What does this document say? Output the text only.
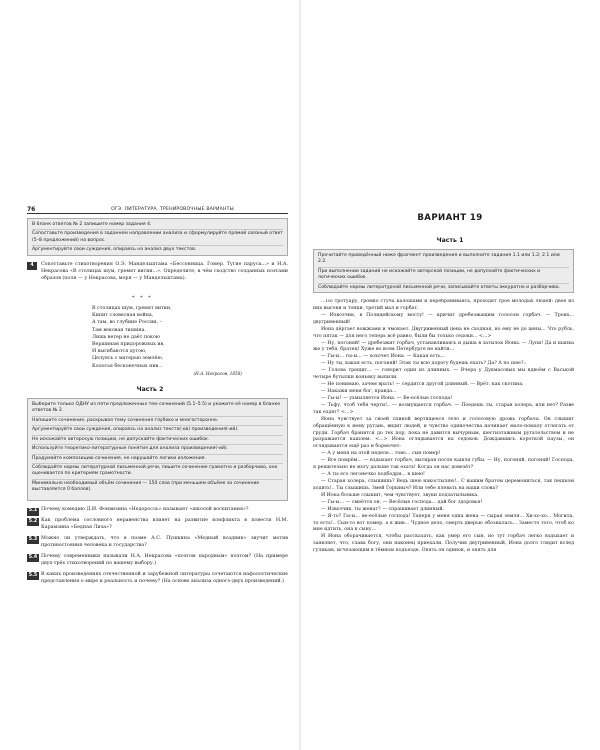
76	ОГЭ. ЛИТЕРАТУРА. ТРЕНИРОВОЧНЫЕ ВАРИАНТЫ

В бланк ответов № 2 запишите номер задания 4.

Сопоставьте произведения в заданном направлении анализа и сформулируйте прямой связный ответ (5–8 предложений) на вопрос.

Аргументируйте свои суждения, опираясь на анализ двух текстов.

4	Сопоставьте стихотворения О.Э. Мандельштама «Бессонница. Гомер. Тугие паруса...» и Н.А. Некрасова «В столицах шум, гремят витии...». Определите, в чём сходство созданных поэтами образов (поля — у Некрасова, моря — у Мандельштама).
* * *
В столицах шум, гремят витии,
Кипит словесная война,
А там, во глубине России, –
Там вековая тишина.
Лишь ветер не даёт покою
Вершинам придорожных ив,
И выгибаются дугою,
Целуясь с матерью землёю,
Колосья бесконечных нив...
(Н.А. Некрасов, 1858)
Часть 2

Выберите только ОДНУ из пяти предложенных тем сочинений (5.1–5.5) и укажите её номер в бланке ответов № 2.

Напишите сочинение, раскрывая тему сочинения глубоко и многосторонне.

Аргументируйте свои суждения, опираясь на анализ текста(-ов) произведения(-ий).

Не искажайте авторскую позицию, не допускайте фактических ошибок.

Используйте теоретико-литературные понятия для анализа произведения(-ий).

Продумайте композицию сочинения, не нарушайте логики изложения.

Соблюдайте нормы литературной письменной речи, пишите сочинение грамотно и разборчиво, оно оценивается по критериям грамотности.

Минимально необходимый объём сочинения — 150 слов (при меньшем объёме за сочинение выставляется 0 баллов).

5.1 Почему комедию Д.И. Фонвизина «Недоросль» называют «школой воспитания»?
5.2 Как проблема сословного неравенства влияет на развитие конфликта в повести Н.М. Карамзина «Бедная Лиза»?
5.3 Можно ли утверждать, что в поэме А.С. Пушкина «Медный всадник» звучит мотив противостояния человека и государства?
5.4 Почему современники называли Н.А. Некрасова «поэтом народным» поэтом? (На примере двух-трёх стихотворений по вашему выбору.)
5.5 В каких произведениях отечественной и зарубежной литературы сочетаются нафолостические представления о мире и реальность и почему? (На основе анализа одного-двух произведений.)
ВАРИАНТ 19
Часть 1

Прочитайте приведённый ниже фрагмент произведения и выполните задания 1.1 или 1.2; 2.1 или 2.2.

При выполнении заданий не искажайте авторской позиции, не допускайте фактических и логических ошибок.

Соблюдайте нормы литературной письменной речи, записывайте ответы аккуратно и разборчиво.

…По тротуару, громко стуча калошами и перебраниваясь, проходят трое молодых людей: двое из них высоки и тонки, третий мал и горбат.

— Извозчик, в Полицейскому мосту! — кричит дребезжащим голосом горбач. — Троих... двугривенный!

Иона дёргает вожжами и чмокает. Двугривенный цена не сходная, но ему не до цены... Что рубль, что пятак — для него теперь всё равно, были бы только седоки... <...>

— Ну, погоняй! — дребезжит горбач, устанавливаясь и дыша в затылок Ионы. — Лупи! Да и шапка же у тебя, братец! Хуже во всем Петербурге не найти...

— Гы-ы... гы-ы... — хохочет Иона. — Какая есть...

— Ну ты, какая есть, погоняй! Этак ты всю дорогу будешь ехать? Да? А по шее?..

— Голова трещит... — говорит один из длинных. — Вчера у Дукмасовых мы вдвоём с Васькой четыре бутылки коньяку выпили.

— Не понимаю, зачем врать! — сердится другой длинный. — Врёт, как скотина.

— Накажи меня бог, правда...

— Гы-ы! — ухмыляется Иона. — Ве-есёлые господа!

— Тьфу, чтоб тебя черти!.. — возмущается горбач. — Поедешь ты, старая холера, или нет? Разве так ездят? <...>

Иона чувствует за своей спиной вертящееся тело и голосовую дрожь горбача. Он слышит обращённую к нему ругань, видит людей, и чувство одиночества начинает мало-помалу отлегать от груди. Горбач бранится до тех пор, пока не давится вычурным, шестиэтажным ругательством и не разражается кашлем. <...> Иона оглядывается на седоков. Дождавшись короткой паузы, он оглядывается ещё раз и бормочет:

— А у меня на этой неделе... тово... сын помер!

— Все помрём... — вздыхает горбач, вытирая после кашля губы. — Ну, погоняй, погоняй! Господа, я решительно не могу дальше так ехать! Когда он нас довезёт?

— А ты его легонечко подбодри... в шею!

— Старая холера, слышишь? Ведь шею накостыляю!.. С вашим братом церемониться, так пешком ходить!.. Ты слышишь, Змей Горыныч? Или тебе плевать на наши слова?

И Иона больше слышит, чем чувствует, звуки подзатыльника.

— Гы-ы... — смеётся он. — Весёлые господа... дай бог здоровья!

— Извозчик, ты женат? — спрашивает длинный.

— Я-то? Гы-ы... ве-есёлые господа! Таперя у меня одна жена — сырая земля... Хи-хо-хо... Могила, то есть!.. Сын-то вот помер, а я жив... Чудное дело, смерть дверью обозналась... Заместо того, чтоб ко мне идтить, она к сыну...

И Иона оборачивается, чтобы рассказать, как умер его сын, но тут горбач легко вздыхает и заявляет, что, слава богу, они наконец приехали. Получив двугривенный, Иона долго глядит вслед гулякам, исчезающим в тёмном подъезде. Опять он одинок, и опять для
